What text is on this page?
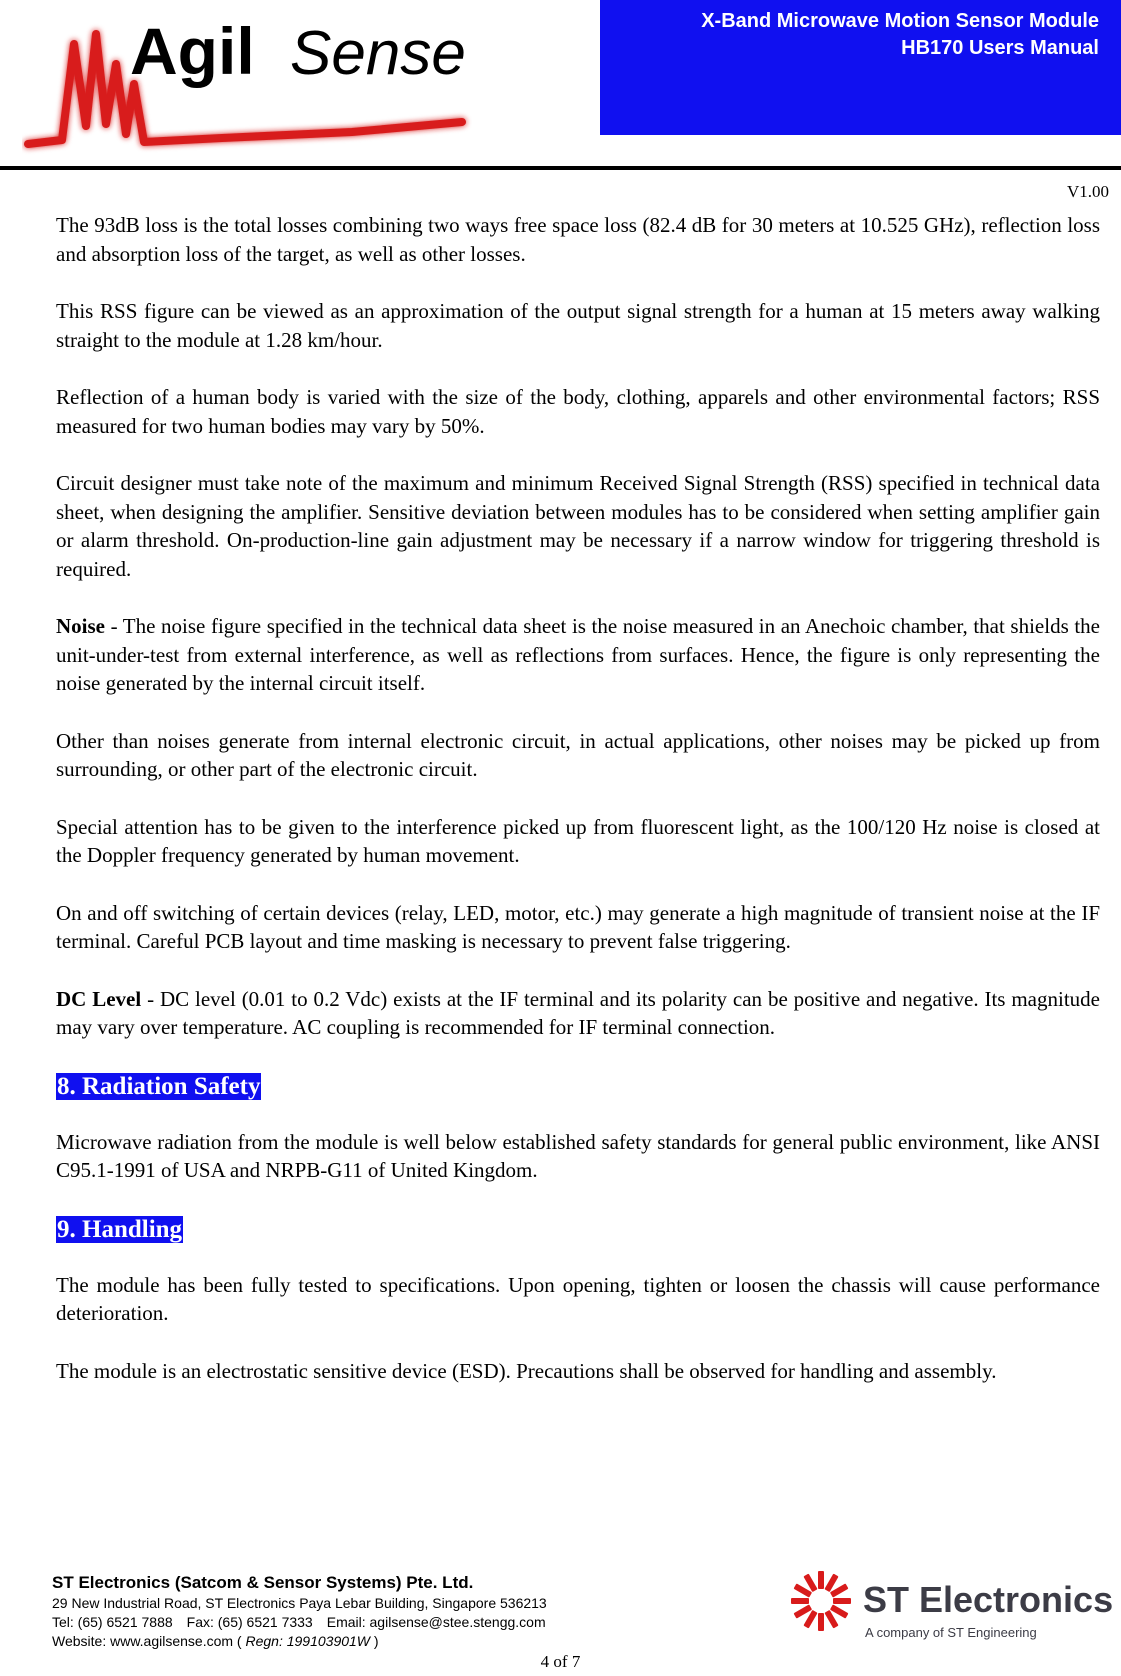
Agil Sense	X-Band Microwave Motion Sensor Module
HB170 Users Manual
V1.00

The 93dB loss is the total losses combining two ways free space loss (82.4 dB for 30 meters at 10.525 GHz), reflection loss and absorption loss of the target, as well as other losses.

This RSS figure can be viewed as an approximation of the output signal strength for a human at 15 meters away walking straight to the module at 1.28 km/hour.

Reflection of a human body is varied with the size of the body, clothing, apparels and other environmental factors; RSS measured for two human bodies may vary by 50%.

Circuit designer must take note of the maximum and minimum Received Signal Strength (RSS) specified in technical data sheet, when designing the amplifier. Sensitive deviation between modules has to be considered when setting amplifier gain or alarm threshold. On-production-line gain adjustment may be necessary if a narrow window for triggering threshold is required.

Noise - The noise figure specified in the technical data sheet is the noise measured in an Anechoic chamber, that shields the unit-under-test from external interference, as well as reflections from surfaces. Hence, the figure is only representing the noise generated by the internal circuit itself.

Other than noises generate from internal electronic circuit, in actual applications, other noises may be picked up from surrounding, or other part of the electronic circuit.

Special attention has to be given to the interference picked up from fluorescent light, as the 100/120 Hz noise is closed at the Doppler frequency generated by human movement.

On and off switching of certain devices (relay, LED, motor, etc.) may generate a high magnitude of transient noise at the IF terminal. Careful PCB layout and time masking is necessary to prevent false triggering.

DC Level - DC level (0.01 to 0.2 Vdc) exists at the IF terminal and its polarity can be positive and negative. Its magnitude may vary over temperature. AC coupling is recommended for IF terminal connection.

8. Radiation Safety

Microwave radiation from the module is well below established safety standards for general public environment, like ANSI C95.1-1991 of USA and NRPB-G11 of United Kingdom.

9. Handling

The module has been fully tested to specifications. Upon opening, tighten or loosen the chassis will cause performance deterioration.

The module is an electrostatic sensitive device (ESD). Precautions shall be observed for handling and assembly.

ST Electronics (Satcom & Sensor Systems) Pte. Ltd.
29 New Industrial Road, ST Electronics Paya Lebar Building, Singapore 536213
Tel: (65) 6521 7888 Fax: (65) 6521 7333 Email: agilsense@stee.stengg.com
Website: www.agilsense.com ( Regn: 199103901W )
ST Electronics
A company of ST Engineering
4 of 7
